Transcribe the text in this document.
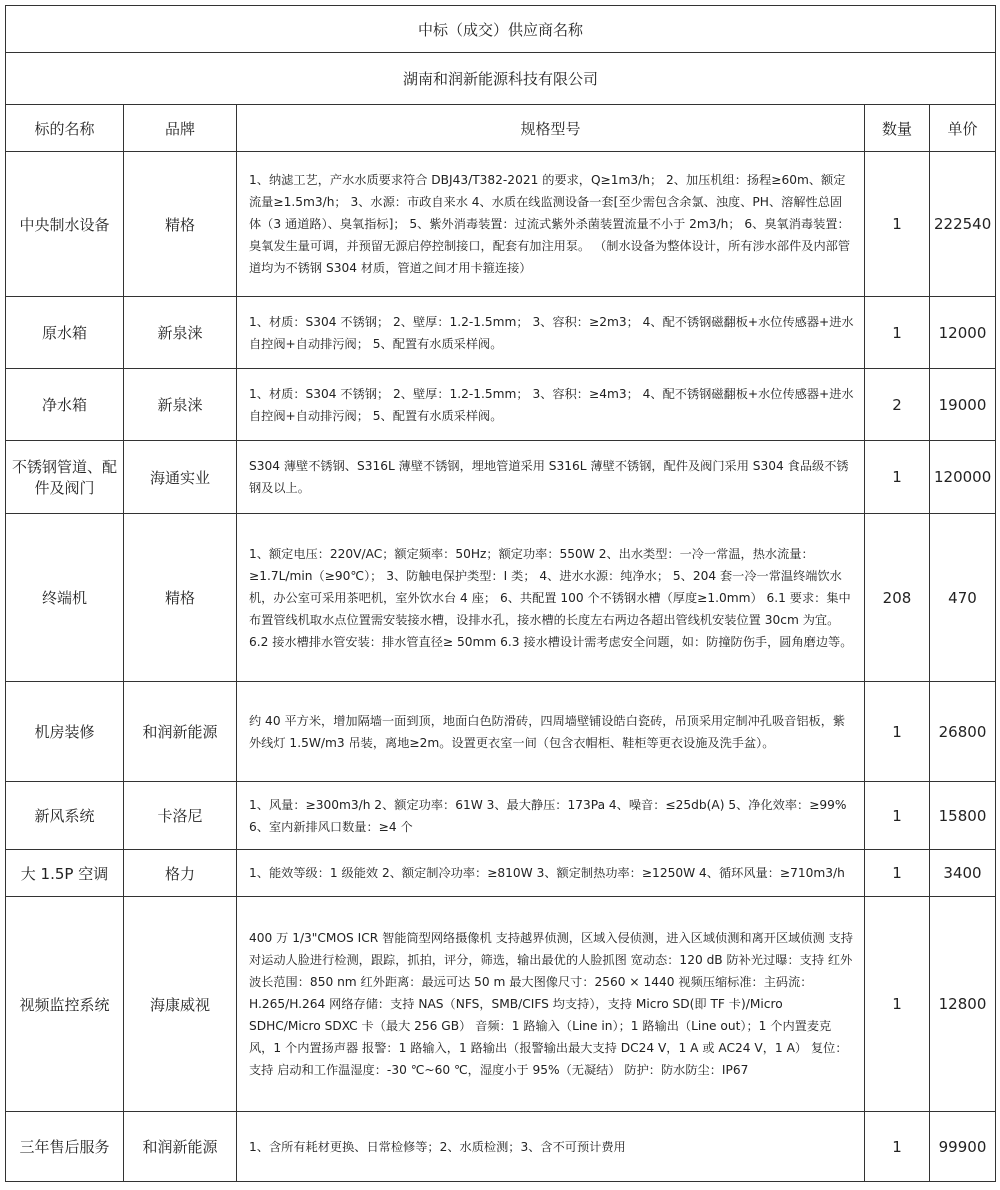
中标（成交）供应商名称				
湖南和润新能源科技有限公司				
标的名称	品牌	规格型号	数量	单价
中央制水设备	精格	1、纳滤工艺，产水水质要求符合 DBJ43/T382-2021 的要求，Q≥1m3/h； 2、加压机组：扬程≥60m、额定流量≥1.5m3/h； 3、水源：市政自来水 4、水质在线监测设备一套[至少需包含余氯、浊度、PH、溶解性总固体（3 通道路）、臭氧指标]； 5、紫外消毒装置：过流式紫外杀菌装置流量不小于 2m3/h； 6、臭氧消毒装置：臭氧发生量可调，并预留无源启停控制接口，配套有加注用泵。 （制水设备为整体设计，所有涉水部件及内部管道均为不锈钢 S304 材质，管道之间才用卡箍连接）	1	222540
原水箱	新泉涞	1、材质：S304 不锈钢； 2、壁厚：1.2-1.5mm； 3、容积：≥2m3； 4、配不锈钢磁翻板+水位传感器+进水自控阀+自动排污阀； 5、配置有水质采样阀。	1	12000
净水箱	新泉涞	1、材质：S304 不锈钢； 2、壁厚：1.2-1.5mm； 3、容积：≥4m3； 4、配不锈钢磁翻板+水位传感器+进水自控阀+自动排污阀； 5、配置有水质采样阀。	2	19000
不锈钢管道、配件及阀门	海通实业	S304 薄壁不锈钢、S316L 薄壁不锈钢，埋地管道采用 S316L 薄壁不锈钢，配件及阀门采用 S304 食品级不锈钢及以上。	1	120000
终端机	精格	1、额定电压：220V/AC；额定频率：50Hz；额定功率：550W 2、出水类型：一冷一常温，热水流量：≥1.7L/min（≥90℃）； 3、防触电保护类型：I 类； 4、进水水源：纯净水； 5、204 套一冷一常温终端饮水机，办公室可采用茶吧机，室外饮水台 4 座； 6、共配置 100 个不锈钢水槽（厚度≥1.0mm） 6.1 要求：集中布置管线机取水点位置需安装接水槽，设排水孔，接水槽的长度左右两边各超出管线机安装位置 30cm 为宜。 6.2 接水槽排水管安装：排水管直径≥ 50mm 6.3 接水槽设计需考虑安全问题，如：防撞防伤手，圆角磨边等。	208	470
机房装修	和润新能源	约 40 平方米，增加隔墙一面到顶，地面白色防滑砖，四周墙壁铺设皓白瓷砖，吊顶采用定制冲孔吸音铝板，紫外线灯 1.5W/m3 吊装，离地≥2m。设置更衣室一间（包含衣帽柜、鞋柜等更衣设施及洗手盆）。	1	26800
新风系统	卡洛尼	1、风量：≥300m3/h 2、额定功率：61W 3、最大静压：173Pa 4、噪音：≤25db(A) 5、净化效率：≥99% 6、室内新排风口数量：≥4 个	1	15800
大 1.5P 空调	格力	1、能效等级：1 级能效 2、额定制冷功率：≥810W 3、额定制热功率：≥1250W 4、循环风量：≥710m3/h	1	3400
视频监控系统	海康威视	400 万 1/3"CMOS ICR 智能筒型网络摄像机 支持越界侦测，区域入侵侦测，进入区域侦测和离开区域侦测 支持对运动人脸进行检测，跟踪，抓拍，评分，筛选，输出最优的人脸抓图 宽动态：120 dB 防补光过曝：支持 红外波长范围：850 nm 红外距离：最远可达 50 m 最大图像尺寸：2560 × 1440 视频压缩标准：主码流：H.265/H.264 网络存储：支持 NAS（NFS，SMB/CIFS 均支持），支持 Micro SD(即 TF 卡)/Micro SDHC/Micro SDXC 卡（最大 256 GB） 音频：1 路输入（Line in）；1 路输出（Line out）；1 个内置麦克风，1 个内置扬声器 报警：1 路输入，1 路输出（报警输出最大支持 DC24 V，1 A 或 AC24 V，1 A） 复位：支持 启动和工作温湿度：-30 ℃~60 ℃，湿度小于 95%（无凝结） 防护：防水防尘：IP67	1	12800
三年售后服务	和润新能源	1、含所有耗材更换、日常检修等；2、水质检测；3、含不可预计费用	1	99900
